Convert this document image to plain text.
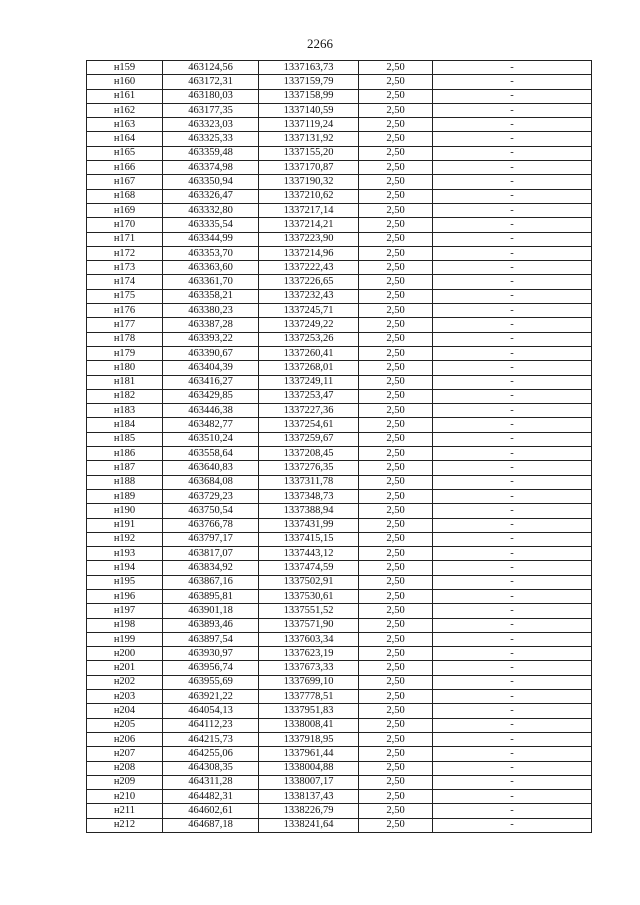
2266
н159	463124,56	1337163,73	2,50	-
н160	463172,31	1337159,79	2,50	-
н161	463180,03	1337158,99	2,50	-
н162	463177,35	1337140,59	2,50	-
н163	463323,03	1337119,24	2,50	-
н164	463325,33	1337131,92	2,50	-
н165	463359,48	1337155,20	2,50	-
н166	463374,98	1337170,87	2,50	-
н167	463350,94	1337190,32	2,50	-
н168	463326,47	1337210,62	2,50	-
н169	463332,80	1337217,14	2,50	-
н170	463335,54	1337214,21	2,50	-
н171	463344,99	1337223,90	2,50	-
н172	463353,70	1337214,96	2,50	-
н173	463363,60	1337222,43	2,50	-
н174	463361,70	1337226,65	2,50	-
н175	463358,21	1337232,43	2,50	-
н176	463380,23	1337245,71	2,50	-
н177	463387,28	1337249,22	2,50	-
н178	463393,22	1337253,26	2,50	-
н179	463390,67	1337260,41	2,50	-
н180	463404,39	1337268,01	2,50	-
н181	463416,27	1337249,11	2,50	-
н182	463429,85	1337253,47	2,50	-
н183	463446,38	1337227,36	2,50	-
н184	463482,77	1337254,61	2,50	-
н185	463510,24	1337259,67	2,50	-
н186	463558,64	1337208,45	2,50	-
н187	463640,83	1337276,35	2,50	-
н188	463684,08	1337311,78	2,50	-
н189	463729,23	1337348,73	2,50	-
н190	463750,54	1337388,94	2,50	-
н191	463766,78	1337431,99	2,50	-
н192	463797,17	1337415,15	2,50	-
н193	463817,07	1337443,12	2,50	-
н194	463834,92	1337474,59	2,50	-
н195	463867,16	1337502,91	2,50	-
н196	463895,81	1337530,61	2,50	-
н197	463901,18	1337551,52	2,50	-
н198	463893,46	1337571,90	2,50	-
н199	463897,54	1337603,34	2,50	-
н200	463930,97	1337623,19	2,50	-
н201	463956,74	1337673,33	2,50	-
н202	463955,69	1337699,10	2,50	-
н203	463921,22	1337778,51	2,50	-
н204	464054,13	1337951,83	2,50	-
н205	464112,23	1338008,41	2,50	-
н206	464215,73	1337918,95	2,50	-
н207	464255,06	1337961,44	2,50	-
н208	464308,35	1338004,88	2,50	-
н209	464311,28	1338007,17	2,50	-
н210	464482,31	1338137,43	2,50	-
н211	464602,61	1338226,79	2,50	-
н212	464687,18	1338241,64	2,50	-
